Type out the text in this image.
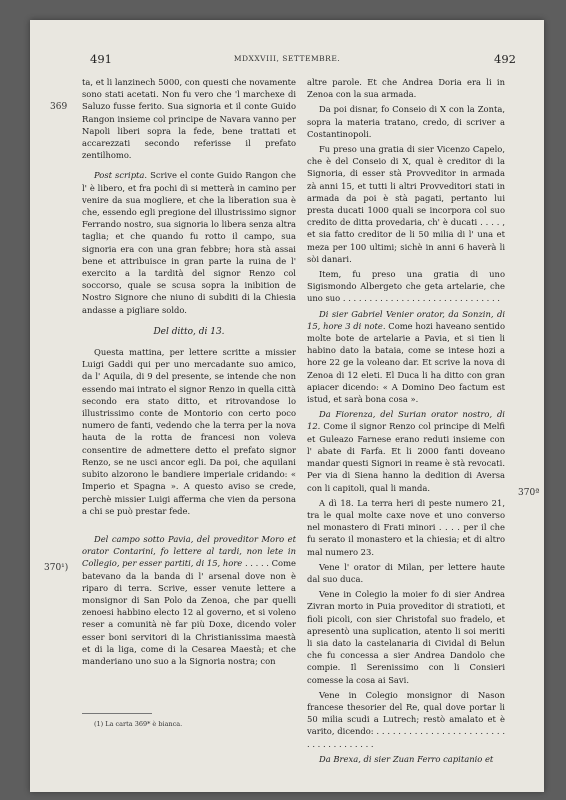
491	MDXXVIII, SETTEMBRE.	492
369
370¹)
370ª

ta, et li lanzinech 5000, con questi che novamente sono stati acetati. Non fu vero che 'l marchexe di Saluzo fusse ferito. Sua signoria et il conte Guido Rangon insieme col principe de Navara vanno per Napoli liberi sopra la fede, bene trattati et accarezzati secondo referisse il prefato zentilhomo.

Post scripta. Scrive el conte Guido Rangon che l' è libero, et fra pochi dì si metterà in camino per venire da sua mogliere, et che la liberation sua è che, essendo egli pregione del illustrissimo signor Ferrando nostro, sua signoria lo libera senza altra taglia; et che quando fu rotto il campo, sua signoria era con una gran febbre; hora stà assai bene et attribuisce in gran parte la ruina de l' exercito a la tardità del signor Renzo col soccorso, quale se scusa sopra la inibition de Nostro Signore che niuno di subditi di la Chiesia andasse a pigliare soldo.

Del ditto, di 13.

Questa mattina, per lettere scritte a missier Luigi Gaddi qui per uno mercadante suo amico, da l' Aquila, di 9 del presente, se intende che non essendo mai intrato el signor Renzo in quella città secondo era stato ditto, et ritrovandose lo illustrissimo conte de Montorio con certo poco numero de fanti, vedendo che la terra per la nova hauta de la rotta de francesi non voleva consentire de admettere detto el prefato signor Renzo, se ne usci ancor egli. Da poi, che aquilani subito alzorono le bandiere imperiale cridando: « Imperio et Spagna ». A questo aviso se crede, perchè missier Luigi afferma che vien da persona a chi se può prestar fede.

Del campo sotto Pavia, del proveditor Moro et orator Contarini, fo lettere al tardi, non lete in Collegio, per esser partiti, di 15, hore . . . . . Come batevano da la banda di l' arsenal dove non è riparo di terra. Scrive, esser venute lettere a monsignor di San Polo da Zenoa, che par quelli zenoesi habbino electo 12 al governo, et si voleno reser a comunità nè far più Doxe, dicendo voler esser boni servitori di la Christianissima maestà et di la liga, come di la Cesarea Maestà; et che manderiano uno suo a la Signoria nostra; con

(1) La carta 369* è bianca.

altre parole. Et che Andrea Doria era li in Zenoa con la sua armada.

Da poi disnar, fo Conseio di X con la Zonta, sopra la materia tratano, credo, di scriver a Costantinopoli.

Fu preso una gratia di sier Vicenzo Capelo, che è del Conseio di X, qual è creditor di la Signoria, di esser stà Provveditor in armada zà anni 15, et tutti li altri Provveditori stati in armada da poi è stà pagati, pertanto lui presta ducati 1000 quali se incorpora col suo credito de ditta provedaria, ch' è ducati . . . . , et sia fatto creditor de li 50 milia di l' una et meza per 100 ultimi; sichè in anni 6 haverà li sòi danari.

Item, fu preso una gratia di uno Sigismondo Albergeto che geta artelarie, che uno suo . . . . . . . . . . . . . . . . . . . . . . . . . . . . . .

Di sier Gabriel Venier orator, da Sonzin, di 15, hore 3 di note. Come hozi haveano sentido molte bote de artelarie a Pavia, et si tien li habino dato la bataia, come se intese hozi a hore 22 ge la voleano dar. Et scrive la nova di Zenoa di 12 eleti. El Duca li ha ditto con gran apiacer dicendo: « A Domino Deo factum est istud, et sarà bona cosa ».

Da Fiorenza, del Surian orator nostro, di 12. Come il signor Renzo col principe di Melfi et Guleazo Farnese erano reduti insieme con l' abate di Farfa. Et li 2000 fanti doveano mandar questi Signori in reame è stà revocati. Per via di Siena hanno la dedition di Aversa con li capitoli, qual li manda.

A dì 18. La terra heri di peste numero 21, tra le qual molte caxe nove et uno converso nel monastero di Frati minori . . . . per il che fu serato il monastero et la chiesia; et di altro mal numero 23.

Vene l' orator di Milan, per lettere haute dal suo duca.

Vene in Colegio la moier fo di sier Andrea Zivran morto in Puia proveditor di stratioti, et fioli picoli, con sier Christofal suo fradelo, et apresentò una suplication, atento li soi meriti li sia dato la castelanaria di Cividal di Belun che fu concessa a sier Andrea Dandolo che compie. Il Serenissimo con li Consieri comesse la cosa ai Savi.

Vene in Colegio monsignor di Nason francese thesorier del Re, qual dove portar li 50 milia scudi a Lutrech; restò amalato et è varito, dicendo: . . . . . . . . . . . . . . . . . . . . . . . . . . . . . . . . . . . . .

Da Brexa, di sier Zuan Ferro capitanio et
